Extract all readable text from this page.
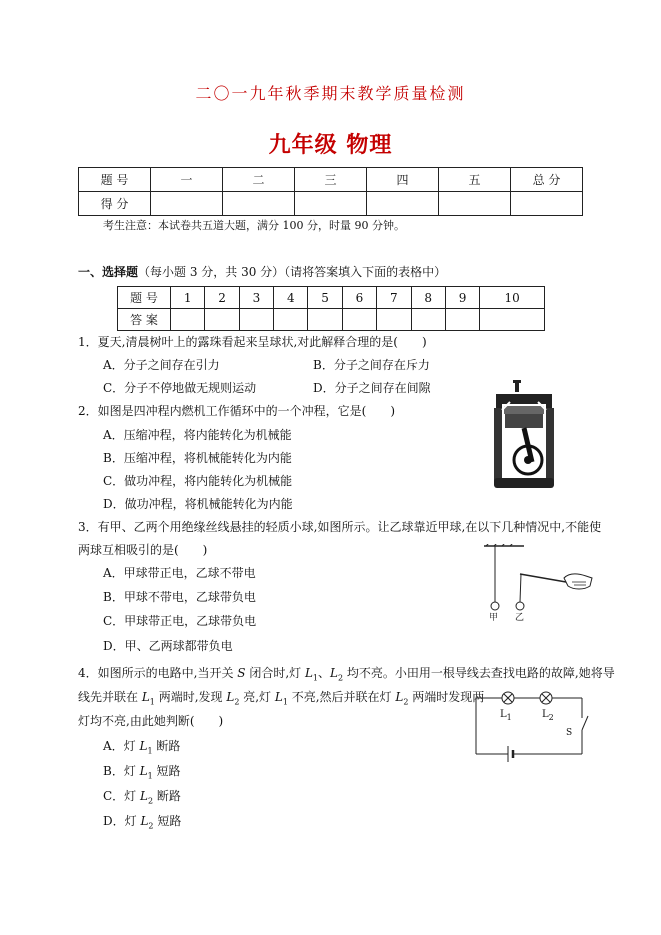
二〇一九年秋季期末教学质量检测
九年级 物理
题 号	一	二	三	四	五	总 分
得 分						
考生注意：本试卷共五道大题，满分 100 分，时量 90 分钟。
一、选择题（每小题 3 分，共 30 分）（请将答案填入下面的表格中）
题 号	1	2	3	4	5	6	7	8	9	10
答 案										
1．夏天,清晨树叶上的露珠看起来呈球状,对此解释合理的是(　　)
A．分子之间存在引力	B．分子之间存在斥力
C．分子不停地做无规则运动	D．分子之间存在间隙
2．如图是四冲程内燃机工作循环中的一个冲程，它是(　　)
A．压缩冲程，将内能转化为机械能
B．压缩冲程，将机械能转化为内能
C．做功冲程，将内能转化为机械能
D．做功冲程，将机械能转化为内能
3．有甲、乙两个用绝缘丝线悬挂的轻质小球,如图所示。让乙球靠近甲球,在以下几种情况中,不能使
两球互相吸引的是(　　)
A．甲球带正电，乙球不带电
B．甲球不带电，乙球带负电
C．甲球带正电，乙球带负电
D．甲、乙两球都带负电
甲 乙
4．如图所示的电路中,当开关 S 闭合时,灯 $L_1$、$L_2$ 均不亮。小田用一根导线去查找电路的故障,她将导
线先并联在 $L_1$ 两端时,发现 $L_2$ 亮,灯 $L_1$ 不亮,然后并联在灯 $L_2$ 两端时发现两
灯均不亮,由此她判断(　　)
A．灯 $L_1$ 断路
B．灯 $L_1$ 短路
C．灯 $L_2$ 断路
D．灯 $L_2$ 短路
$L_1$	$L_2$
S
